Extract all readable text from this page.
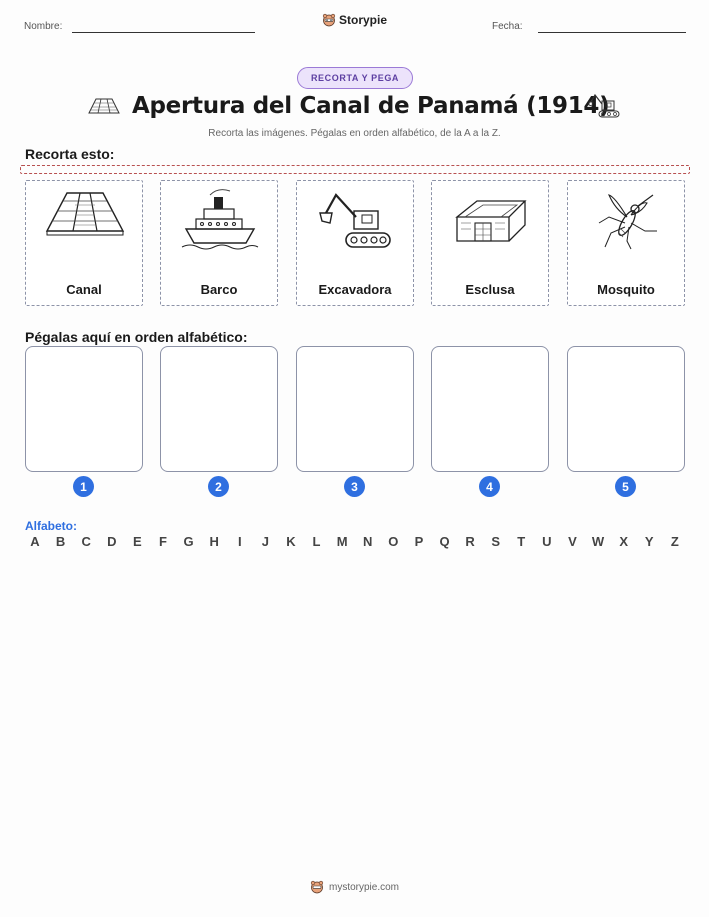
Nombre:	Storypie	Fecha:
RECORTA Y PEGA
Apertura del Canal de Panamá (1914)
Recorta las imágenes. Pégalas en orden alfabético, de la A a la Z.
Recorta esto:
Canal	Barco	Excavadora	Esclusa	Mosquito
Pégalas aquí en orden alfabético:
1	2	3	4	5
Alfabeto:
A	B	C	D	E	F	G	H	I	J	K	L	M	N	O	P	Q	R	S	T	U	V	W	X	Y	Z
mystorypie.com
